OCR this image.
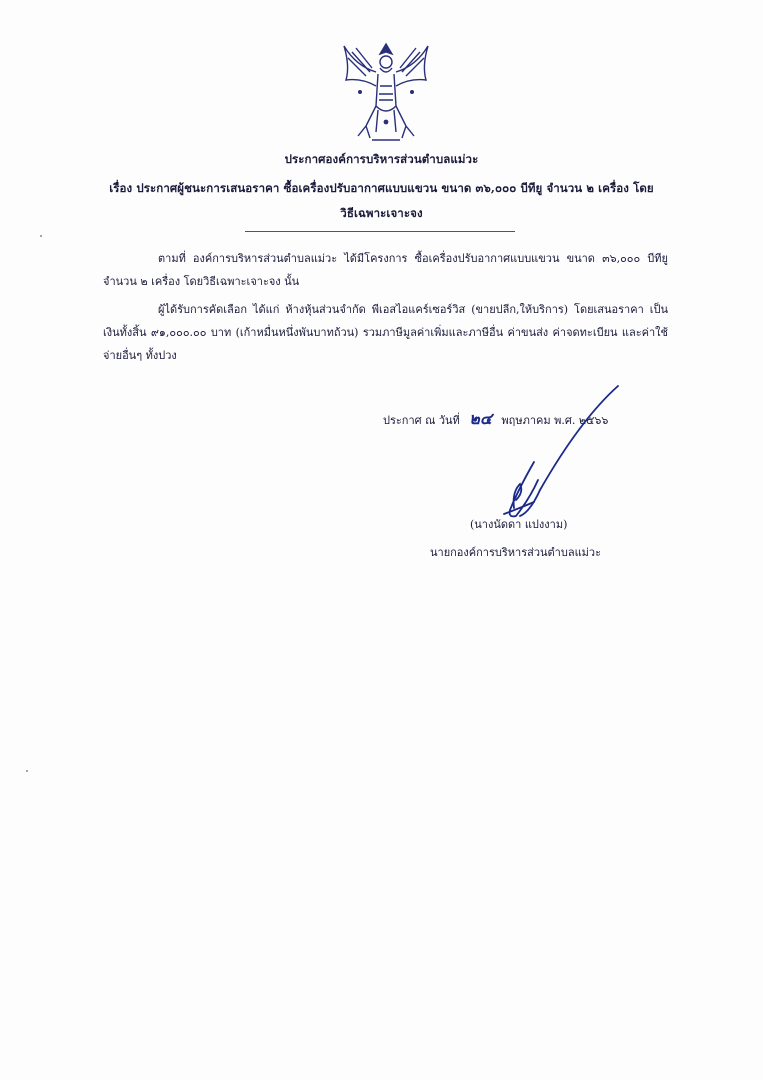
ประกาศองค์การบริหารส่วนตำบลแม่วะ
เรื่อง ประกาศผู้ชนะการเสนอราคา ซื้อเครื่องปรับอากาศแบบแขวน ขนาด ๓๖,๐๐๐ บีทียู จำนวน ๒ เครื่อง โดย
วิธีเฉพาะเจาะจง
ตามที่ องค์การบริหารส่วนตำบลแม่วะ ได้มีโครงการ ซื้อเครื่องปรับอากาศแบบแขวน ขนาด ๓๖,๐๐๐ บีทียู จำนวน ๒ เครื่อง โดยวิธีเฉพาะเจาะจง นั้น
ผู้ได้รับการคัดเลือก ได้แก่ ห้างหุ้นส่วนจำกัด พีเอสไอแคร์เซอร์วิส (ขายปลีก,ให้บริการ) โดยเสนอราคา เป็นเงินทั้งสิ้น ๙๑,๐๐๐.๐๐ บาท (เก้าหมื่นหนึ่งพันบาทถ้วน) รวมภาษีมูลค่าเพิ่มและภาษีอื่น ค่าขนส่ง ค่าจดทะเบียน และค่าใช้จ่ายอื่นๆ ทั้งปวง
ประกาศ ณ วันที่ ๒๔ พฤษภาคม พ.ศ. ๒๕๖๖
(นางนัดดา แปงงาม)
นายกองค์การบริหารส่วนตำบลแม่วะ
